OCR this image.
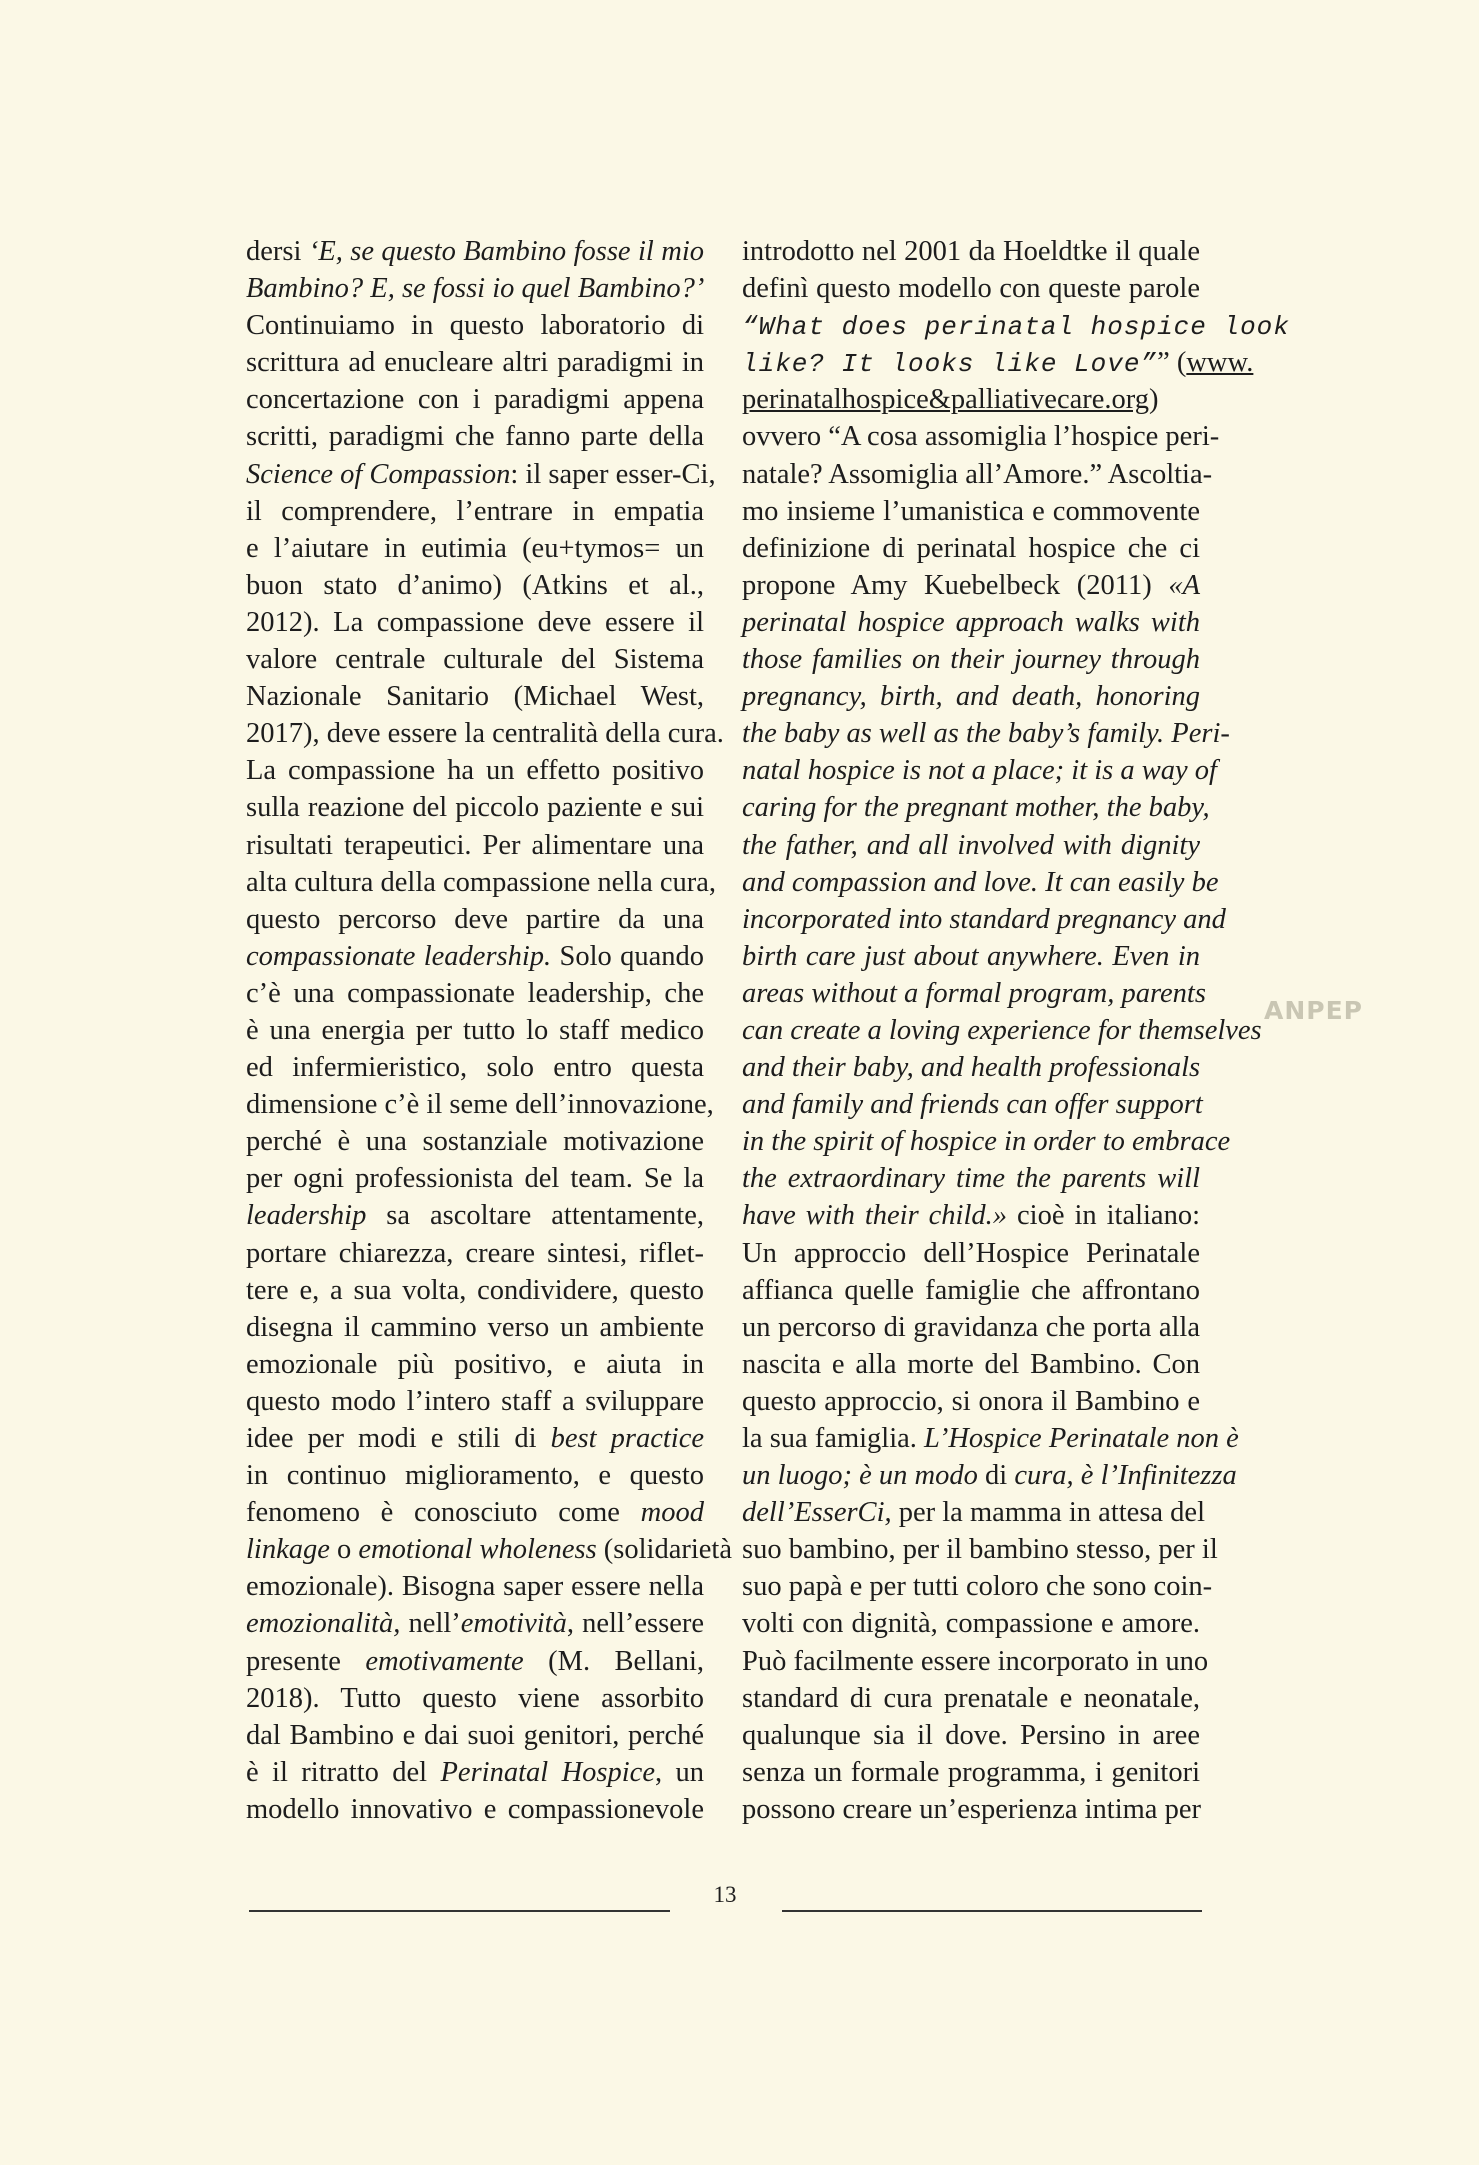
dersi ‘E, se questo Bambino fosse il mio
Bambino? E, se fossi io quel Bambino?’
Continuiamo in questo laboratorio di
scrittura ad enucleare altri paradigmi in
concertazione con i paradigmi appena
scritti, paradigmi che fanno parte della
Science of Compassion: il saper esser-Ci,
il comprendere, l’entrare in empatia
e l’aiutare in eutimia (eu+tymos= un
buon stato d’animo) (Atkins et al.,
2012). La compassione deve essere il
valore centrale culturale del Sistema
Nazionale Sanitario (Michael West,
2017), deve essere la centralità della cura.
La compassione ha un effetto positivo
sulla reazione del piccolo paziente e sui
risultati terapeutici. Per alimentare una
alta cultura della compassione nella cura,
questo percorso deve partire da una
compassionate leadership. Solo quando
c’è una compassionate leadership, che
è una energia per tutto lo staff medico
ed infermieristico, solo entro questa
dimensione c’è il seme dell’innovazione,
perché è una sostanziale motivazione
per ogni professionista del team. Se la
leadership sa ascoltare attentamente,
portare chiarezza, creare sintesi, riflet-
tere e, a sua volta, condividere, questo
disegna il cammino verso un ambiente
emozionale più positivo, e aiuta in
questo modo l’intero staff a sviluppare
idee per modi e stili di best practice
in continuo miglioramento, e questo
fenomeno è conosciuto come mood
linkage o emotional wholeness (solidarietà
emozionale). Bisogna saper essere nella
emozionalità, nell’emotività, nell’essere
presente emotivamente (M. Bellani,
2018). Tutto questo viene assorbito
dal Bambino e dai suoi genitori, perché
è il ritratto del Perinatal Hospice, un
modello innovativo e compassionevole
introdotto nel 2001 da Hoeldtke il quale
definì questo modello con queste parole
“What does perinatal hospice look
like? It looks like Love”” (www.
perinatalhospice&palliativecare.org)
ovvero “A cosa assomiglia l’hospice peri-
natale? Assomiglia all’Amore.” Ascoltia-
mo insieme l’umanistica e commovente
definizione di perinatal hospice che ci
propone Amy Kuebelbeck (2011) «A
perinatal hospice approach walks with
those families on their journey through
pregnancy, birth, and death, honoring
the baby as well as the baby’s family. Peri-
natal hospice is not a place; it is a way of
caring for the pregnant mother, the baby,
the father, and all involved with dignity
and compassion and love. It can easily be
incorporated into standard pregnancy and
birth care just about anywhere. Even in
areas without a formal program, parents
can create a loving experience for themselves
and their baby, and health professionals
and family and friends can offer support
in the spirit of hospice in order to embrace
the extraordinary time the parents will
have with their child.» cioè in italiano:
Un approccio dell’Hospice Perinatale
affianca quelle famiglie che affrontano
un percorso di gravidanza che porta alla
nascita e alla morte del Bambino. Con
questo approccio, si onora il Bambino e
la sua famiglia. L’Hospice Perinatale non è
un luogo; è un modo di cura, è l’Infinitezza
dell’EsserCi, per la mamma in attesa del
suo bambino, per il bambino stesso, per il
suo papà e per tutti coloro che sono coin-
volti con dignità, compassione e amore.
Può facilmente essere incorporato in uno
standard di cura prenatale e neonatale,
qualunque sia il dove. Persino in aree
senza un formale programma, i genitori
possono creare un’esperienza intima per
ANPEP
13
